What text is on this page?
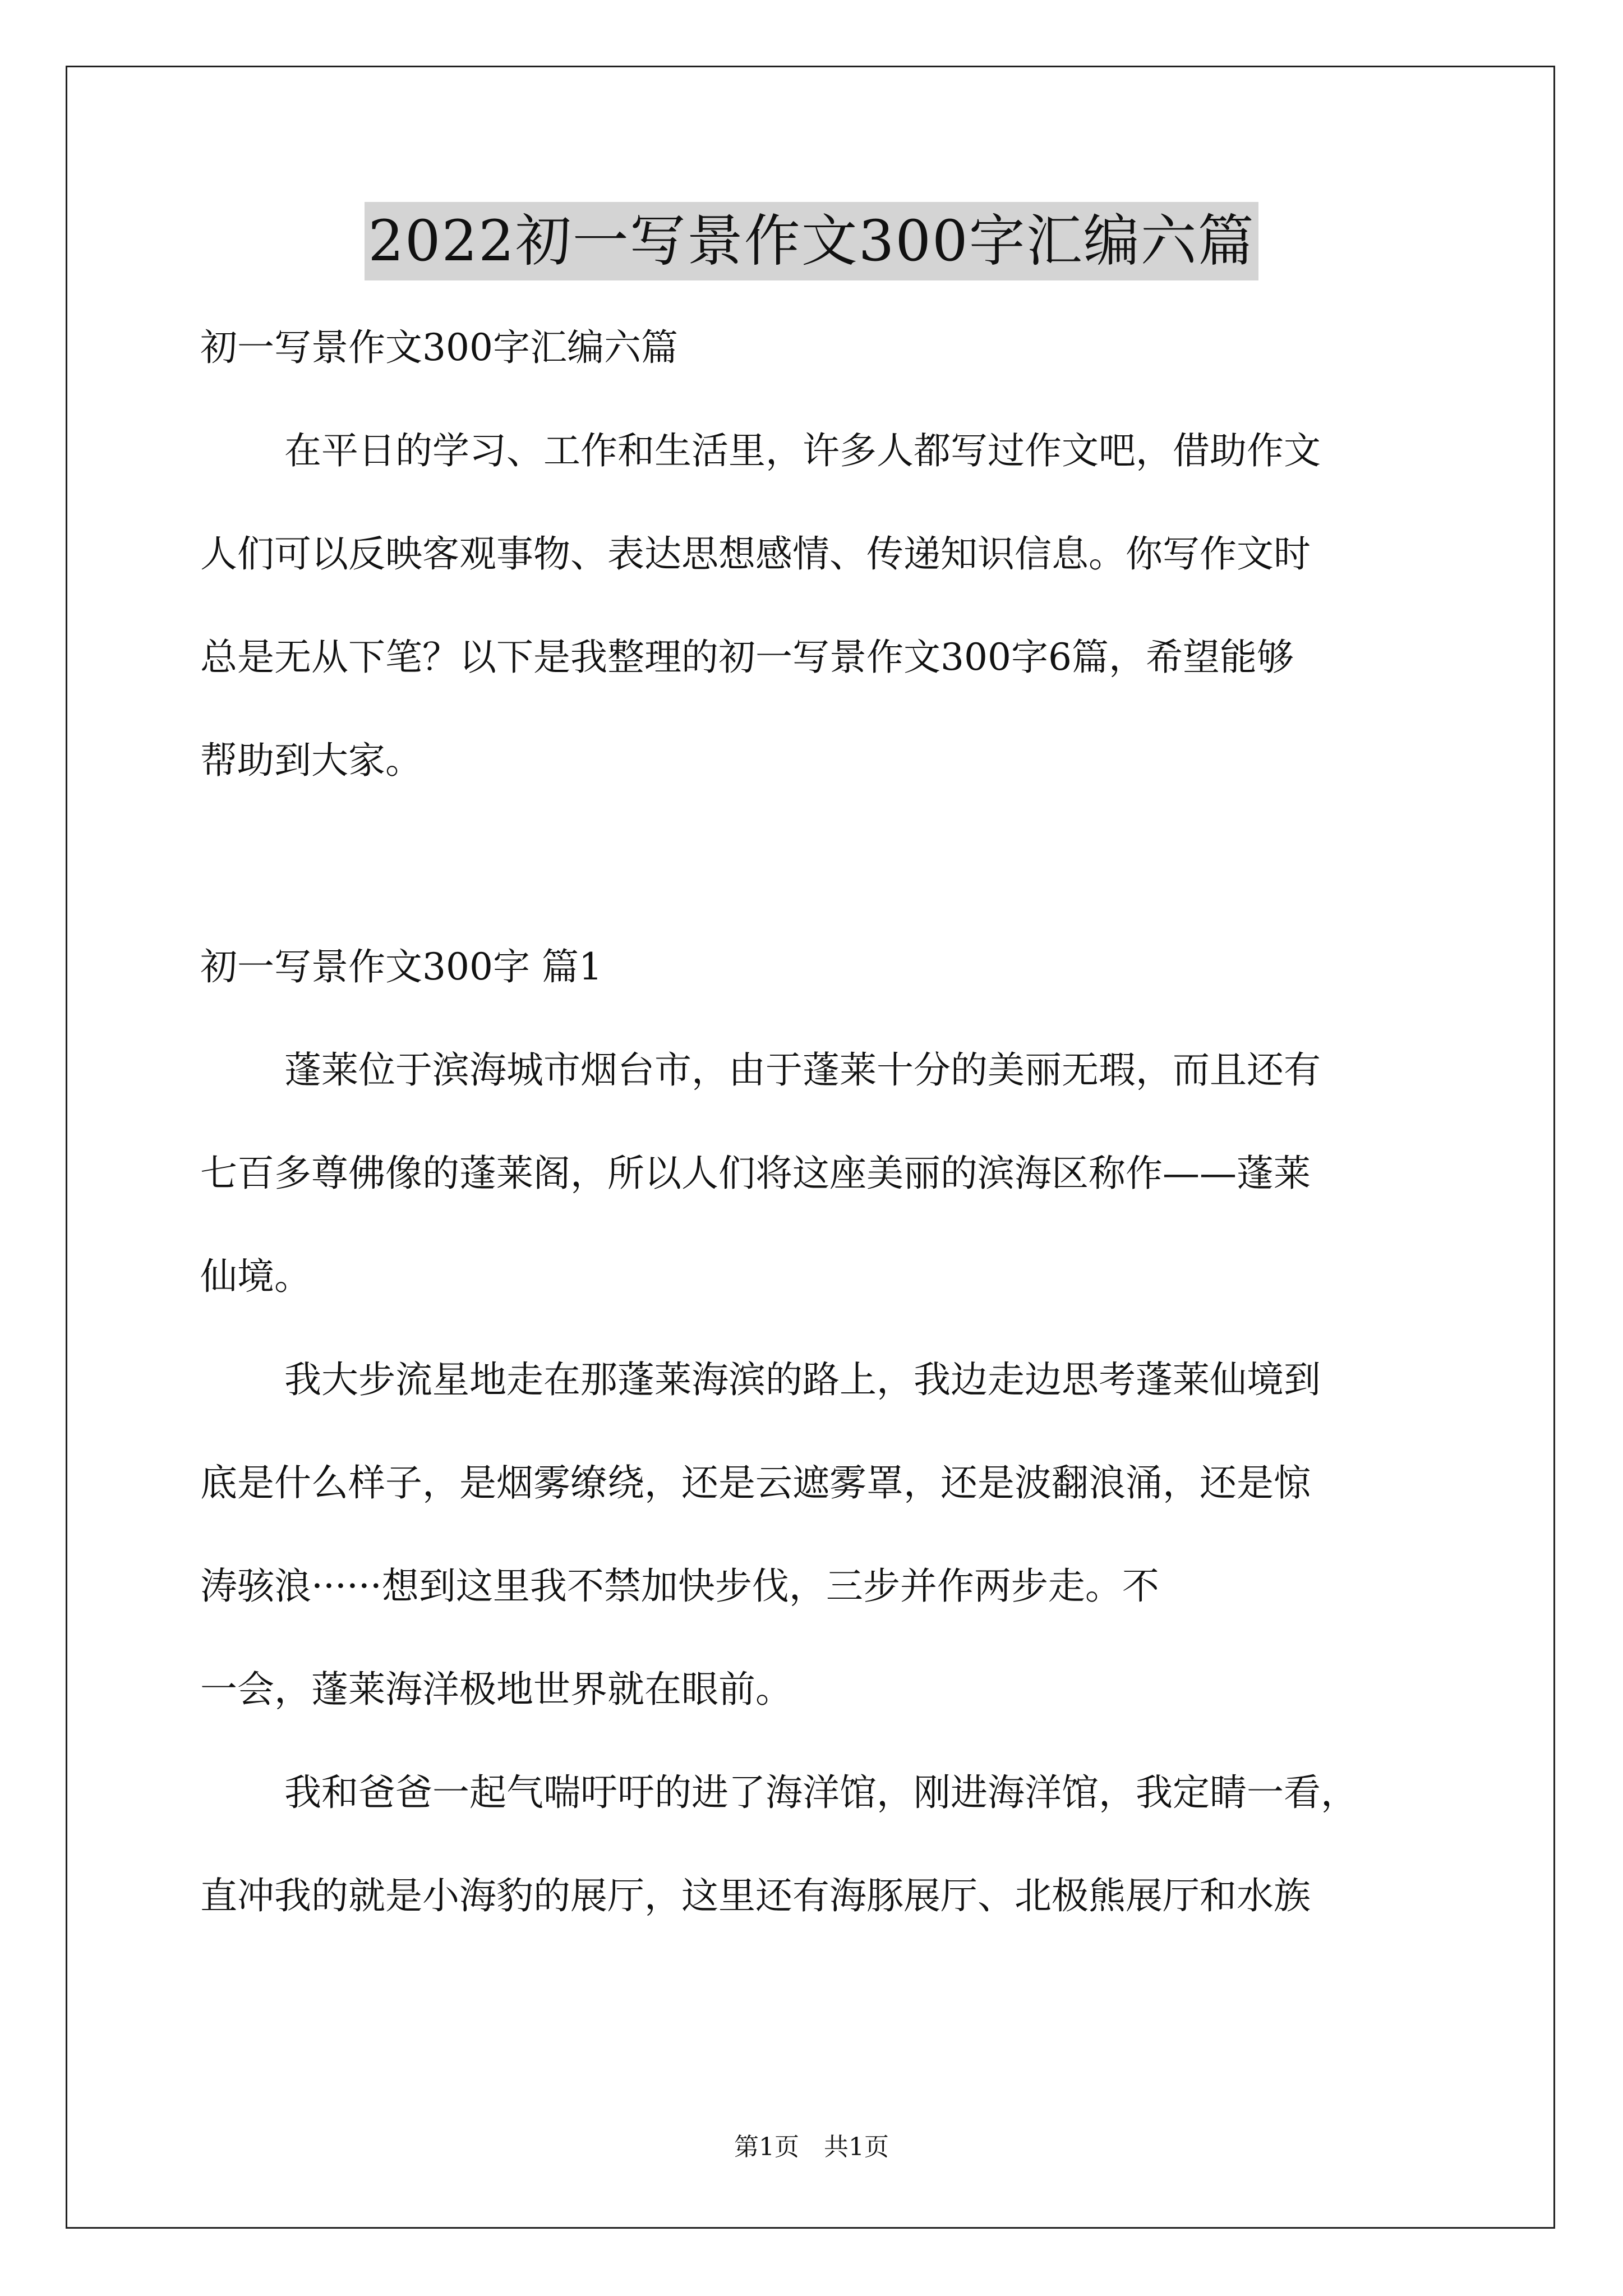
2022初一写景作文300字汇编六篇
初一写景作文300字汇编六篇
在平日的学习、工作和生活里，许多人都写过作文吧，借助作文
人们可以反映客观事物、表达思想感情、传递知识信息。你写作文时
总是无从下笔？以下是我整理的初一写景作文300字6篇，希望能够
帮助到大家。
初一写景作文300字 篇1
蓬莱位于滨海城市烟台市，由于蓬莱十分的美丽无瑕，而且还有
七百多尊佛像的蓬莱阁，所以人们将这座美丽的滨海区称作——蓬莱
仙境。
我大步流星地走在那蓬莱海滨的路上，我边走边思考蓬莱仙境到
底是什么样子，是烟雾缭绕，还是云遮雾罩，还是波翻浪涌，还是惊
涛骇浪······想到这里我不禁加快步伐，三步并作两步走。不
一会，蓬莱海洋极地世界就在眼前。
我和爸爸一起气喘吁吁的进了海洋馆，刚进海洋馆，我定睛一看，
直冲我的就是小海豹的展厅，这里还有海豚展厅、北极熊展厅和水族
第1页  共1页
